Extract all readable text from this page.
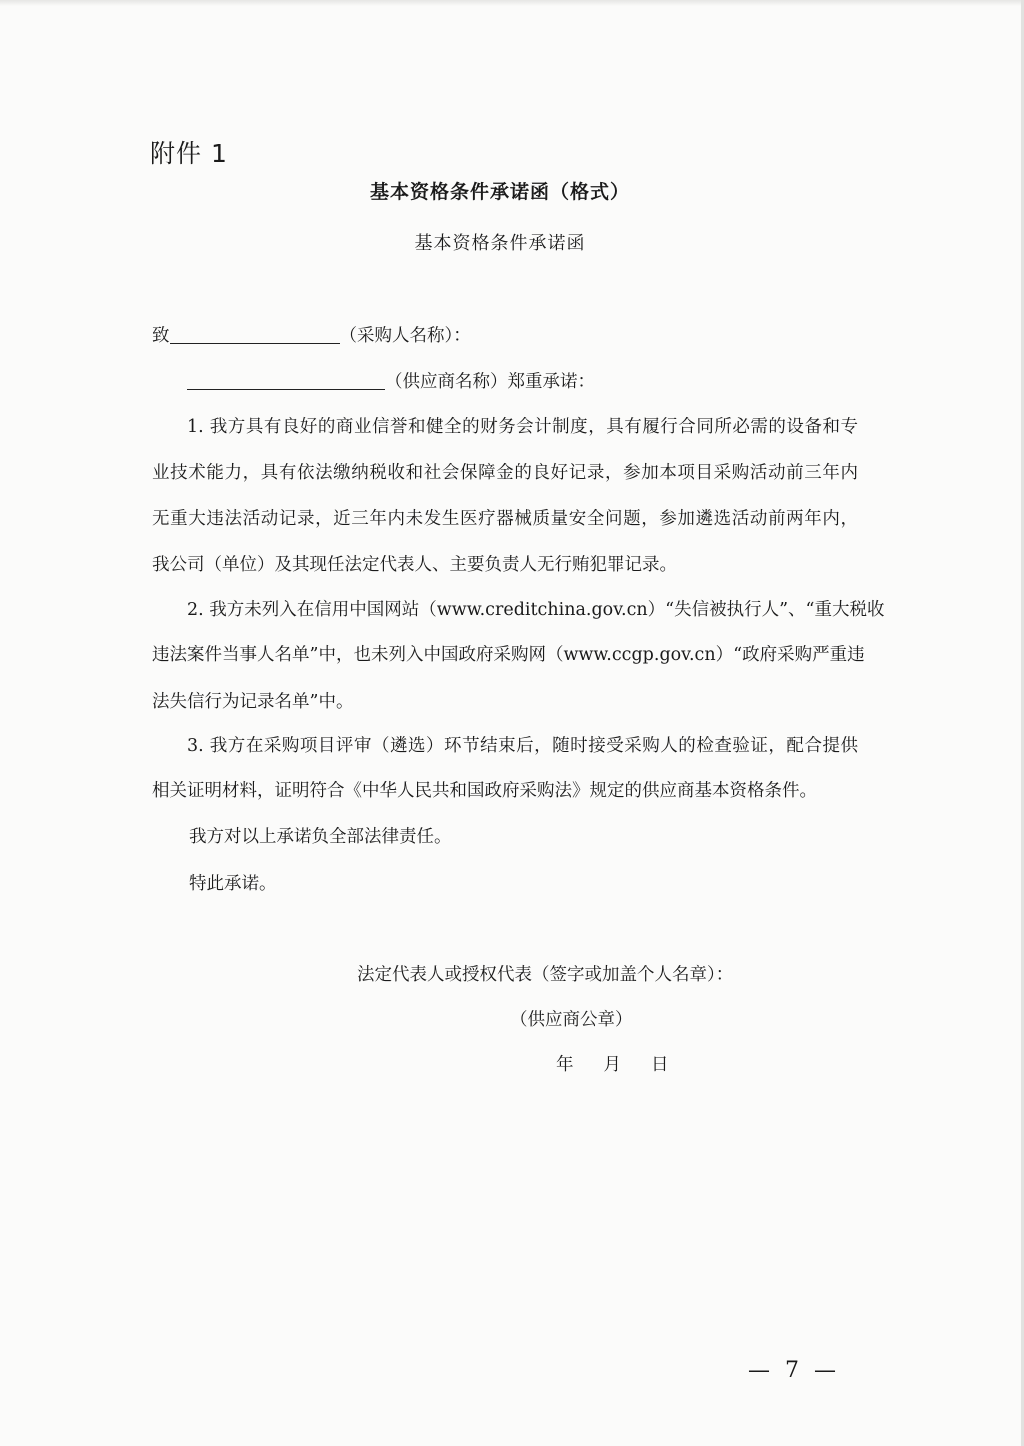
附件 1
基本资格条件承诺函（格式）
基本资格条件承诺函
致	（采购人名称）：
（供应商名称）郑重承诺：
1. 我方具有良好的商业信誉和健全的财务会计制度，具有履行合同所必需的设备和专
业技术能力，具有依法缴纳税收和社会保障金的良好记录，参加本项目采购活动前三年内
无重大违法活动记录，近三年内未发生医疗器械质量安全问题，参加遴选活动前两年内，
我公司（单位）及其现任法定代表人、主要负责人无行贿犯罪记录。
2. 我方未列入在信用中国网站（www.creditchina.gov.cn）“失信被执行人”、“重大税收
违法案件当事人名单”中，也未列入中国政府采购网（www.ccgp.gov.cn）“政府采购严重违
法失信行为记录名单”中。
3. 我方在采购项目评审（遴选）环节结束后，随时接受采购人的检查验证，配合提供
相关证明材料，证明符合《中华人民共和国政府采购法》规定的供应商基本资格条件。
我方对以上承诺负全部法律责任。
特此承诺。
法定代表人或授权代表（签字或加盖个人名章）：
（供应商公章）
年 月 日
— 7 —
